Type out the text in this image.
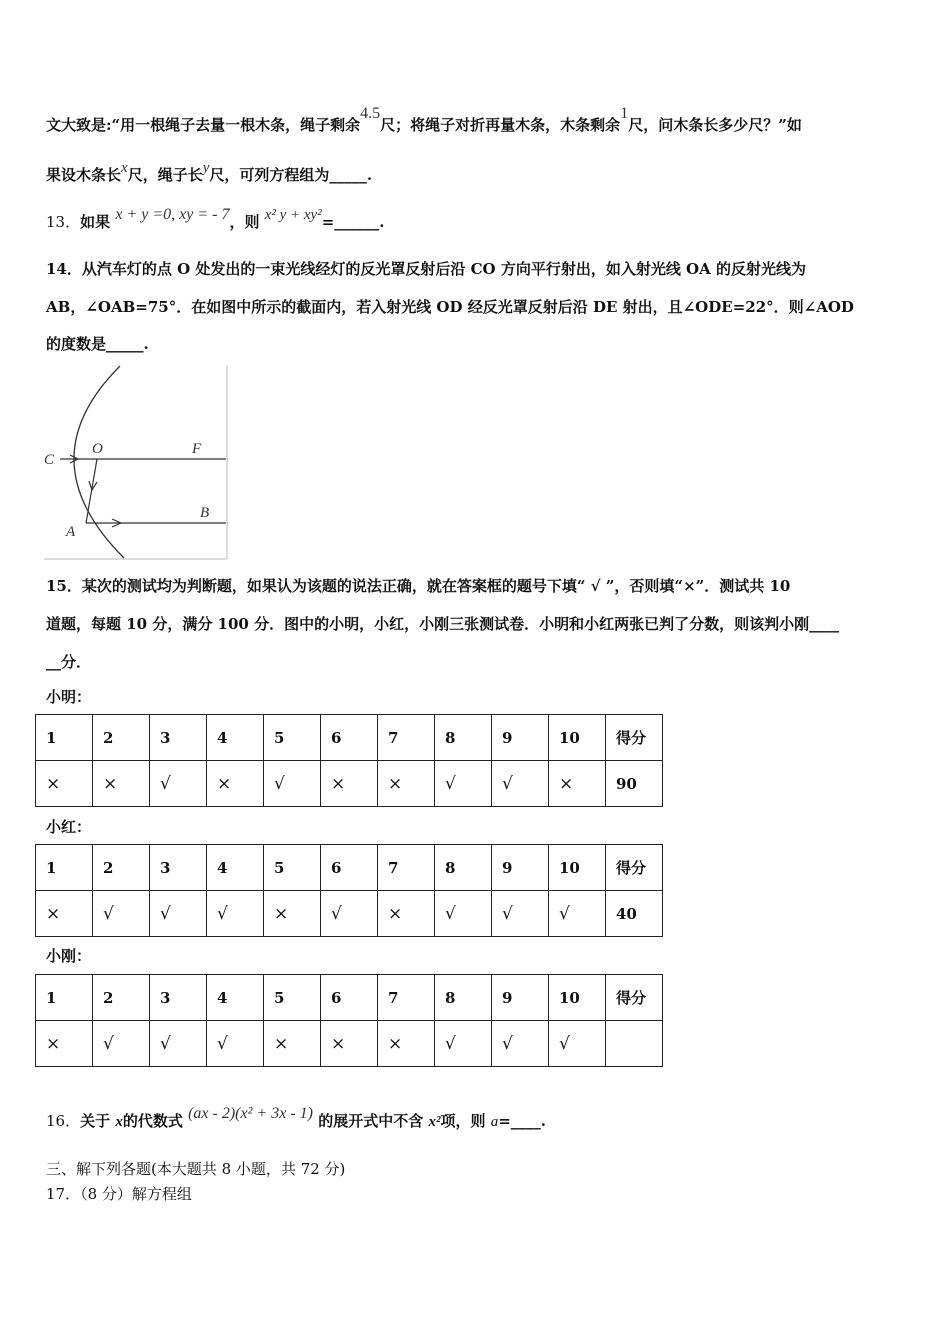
文大致是:“用一根绳子去量一根木条，绳子剩余4.5尺；将绳子对折再量木条，木条剩余1尺，问木条长多少尺？”如
果设木条长x尺，绳子长y尺，可列方程组为_____.
13．如果 x + y =0, xy = - 7，则 x² y + xy²=______.
14．从汽车灯的点 O 处发出的一束光线经灯的反光罩反射后沿 CO 方向平行射出，如入射光线 OA 的反射光线为
AB，∠OAB=75°．在如图中所示的截面内，若入射光线 OD 经反光罩反射后沿 DE 射出，且∠ODE=22°．则∠AOD
的度数是_____.
C
O	F
A
B
15．某次的测试均为判断题，如果认为该题的说法正确，就在答案框的题号下填“ √ ”，否则填“×”．测试共 10
道题，每题 10 分，满分 100 分．图中的小明，小红，小刚三张测试卷．小明和小红两张已判了分数，则该判小刚____
__分．
小明：
1	2	3	4	5	6	7	8	9	10	得分
×	×	√	×	√	×	×	√	√	×	90
小红：
1	2	3	4	5	6	7	8	9	10	得分
×	√	√	√	×	√	×	√	√	√	40
小刚：
1	2	3	4	5	6	7	8	9	10	得分
×	√	√	√	×	×	×	√	√	√	
16．关于 x的代数式 (ax - 2)(x² + 3x - 1) 的展开式中不含 x²项，则 a=____.
三、解下列各题(本大题共 8 小题，共 72 分)
17．（8 分）解方程组
